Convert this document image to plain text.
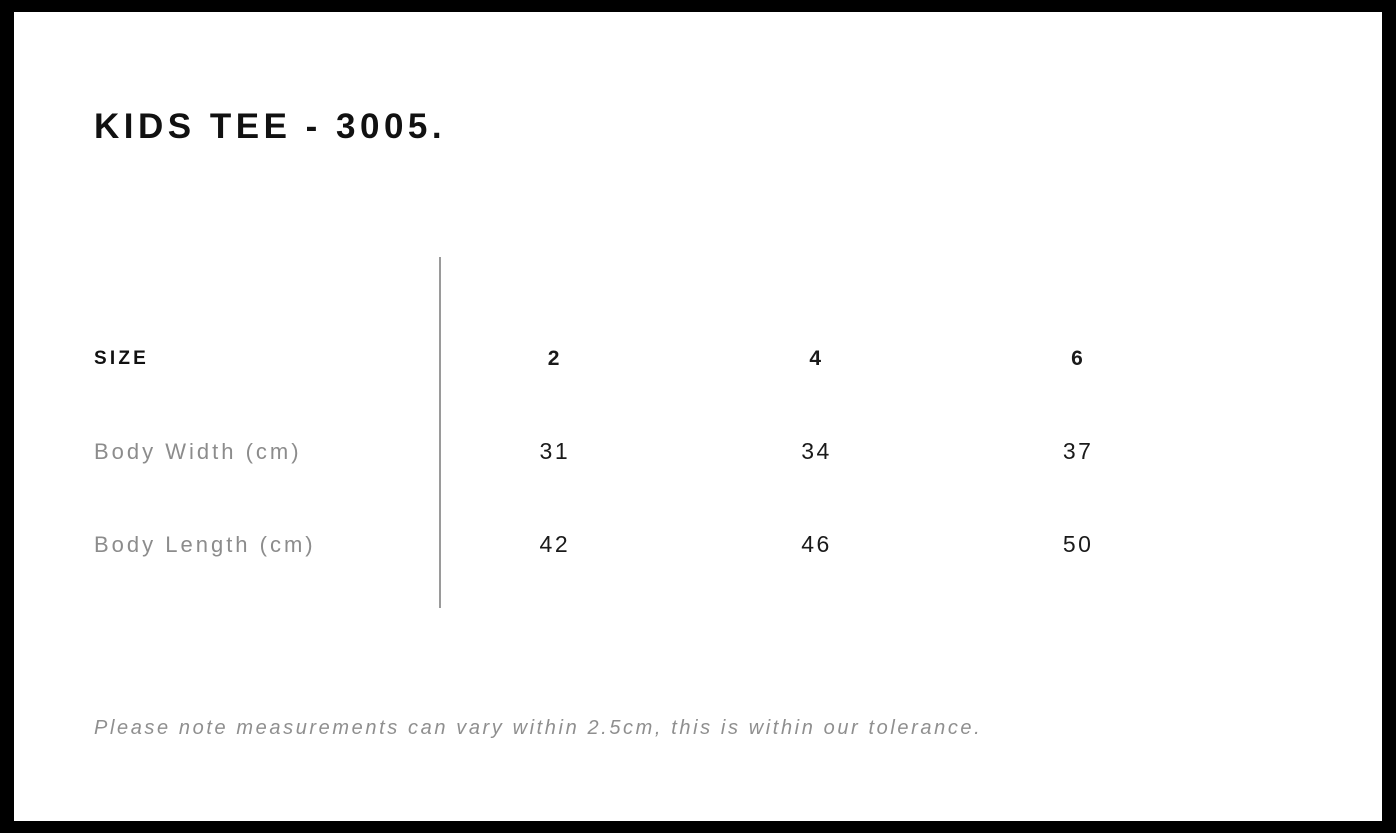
KIDS TEE - 3005.
SIZE	2	4	6
Body Width (cm)	31	34	37
Body Length (cm)	42	46	50
Please note measurements can vary within 2.5cm, this is within our tolerance.
